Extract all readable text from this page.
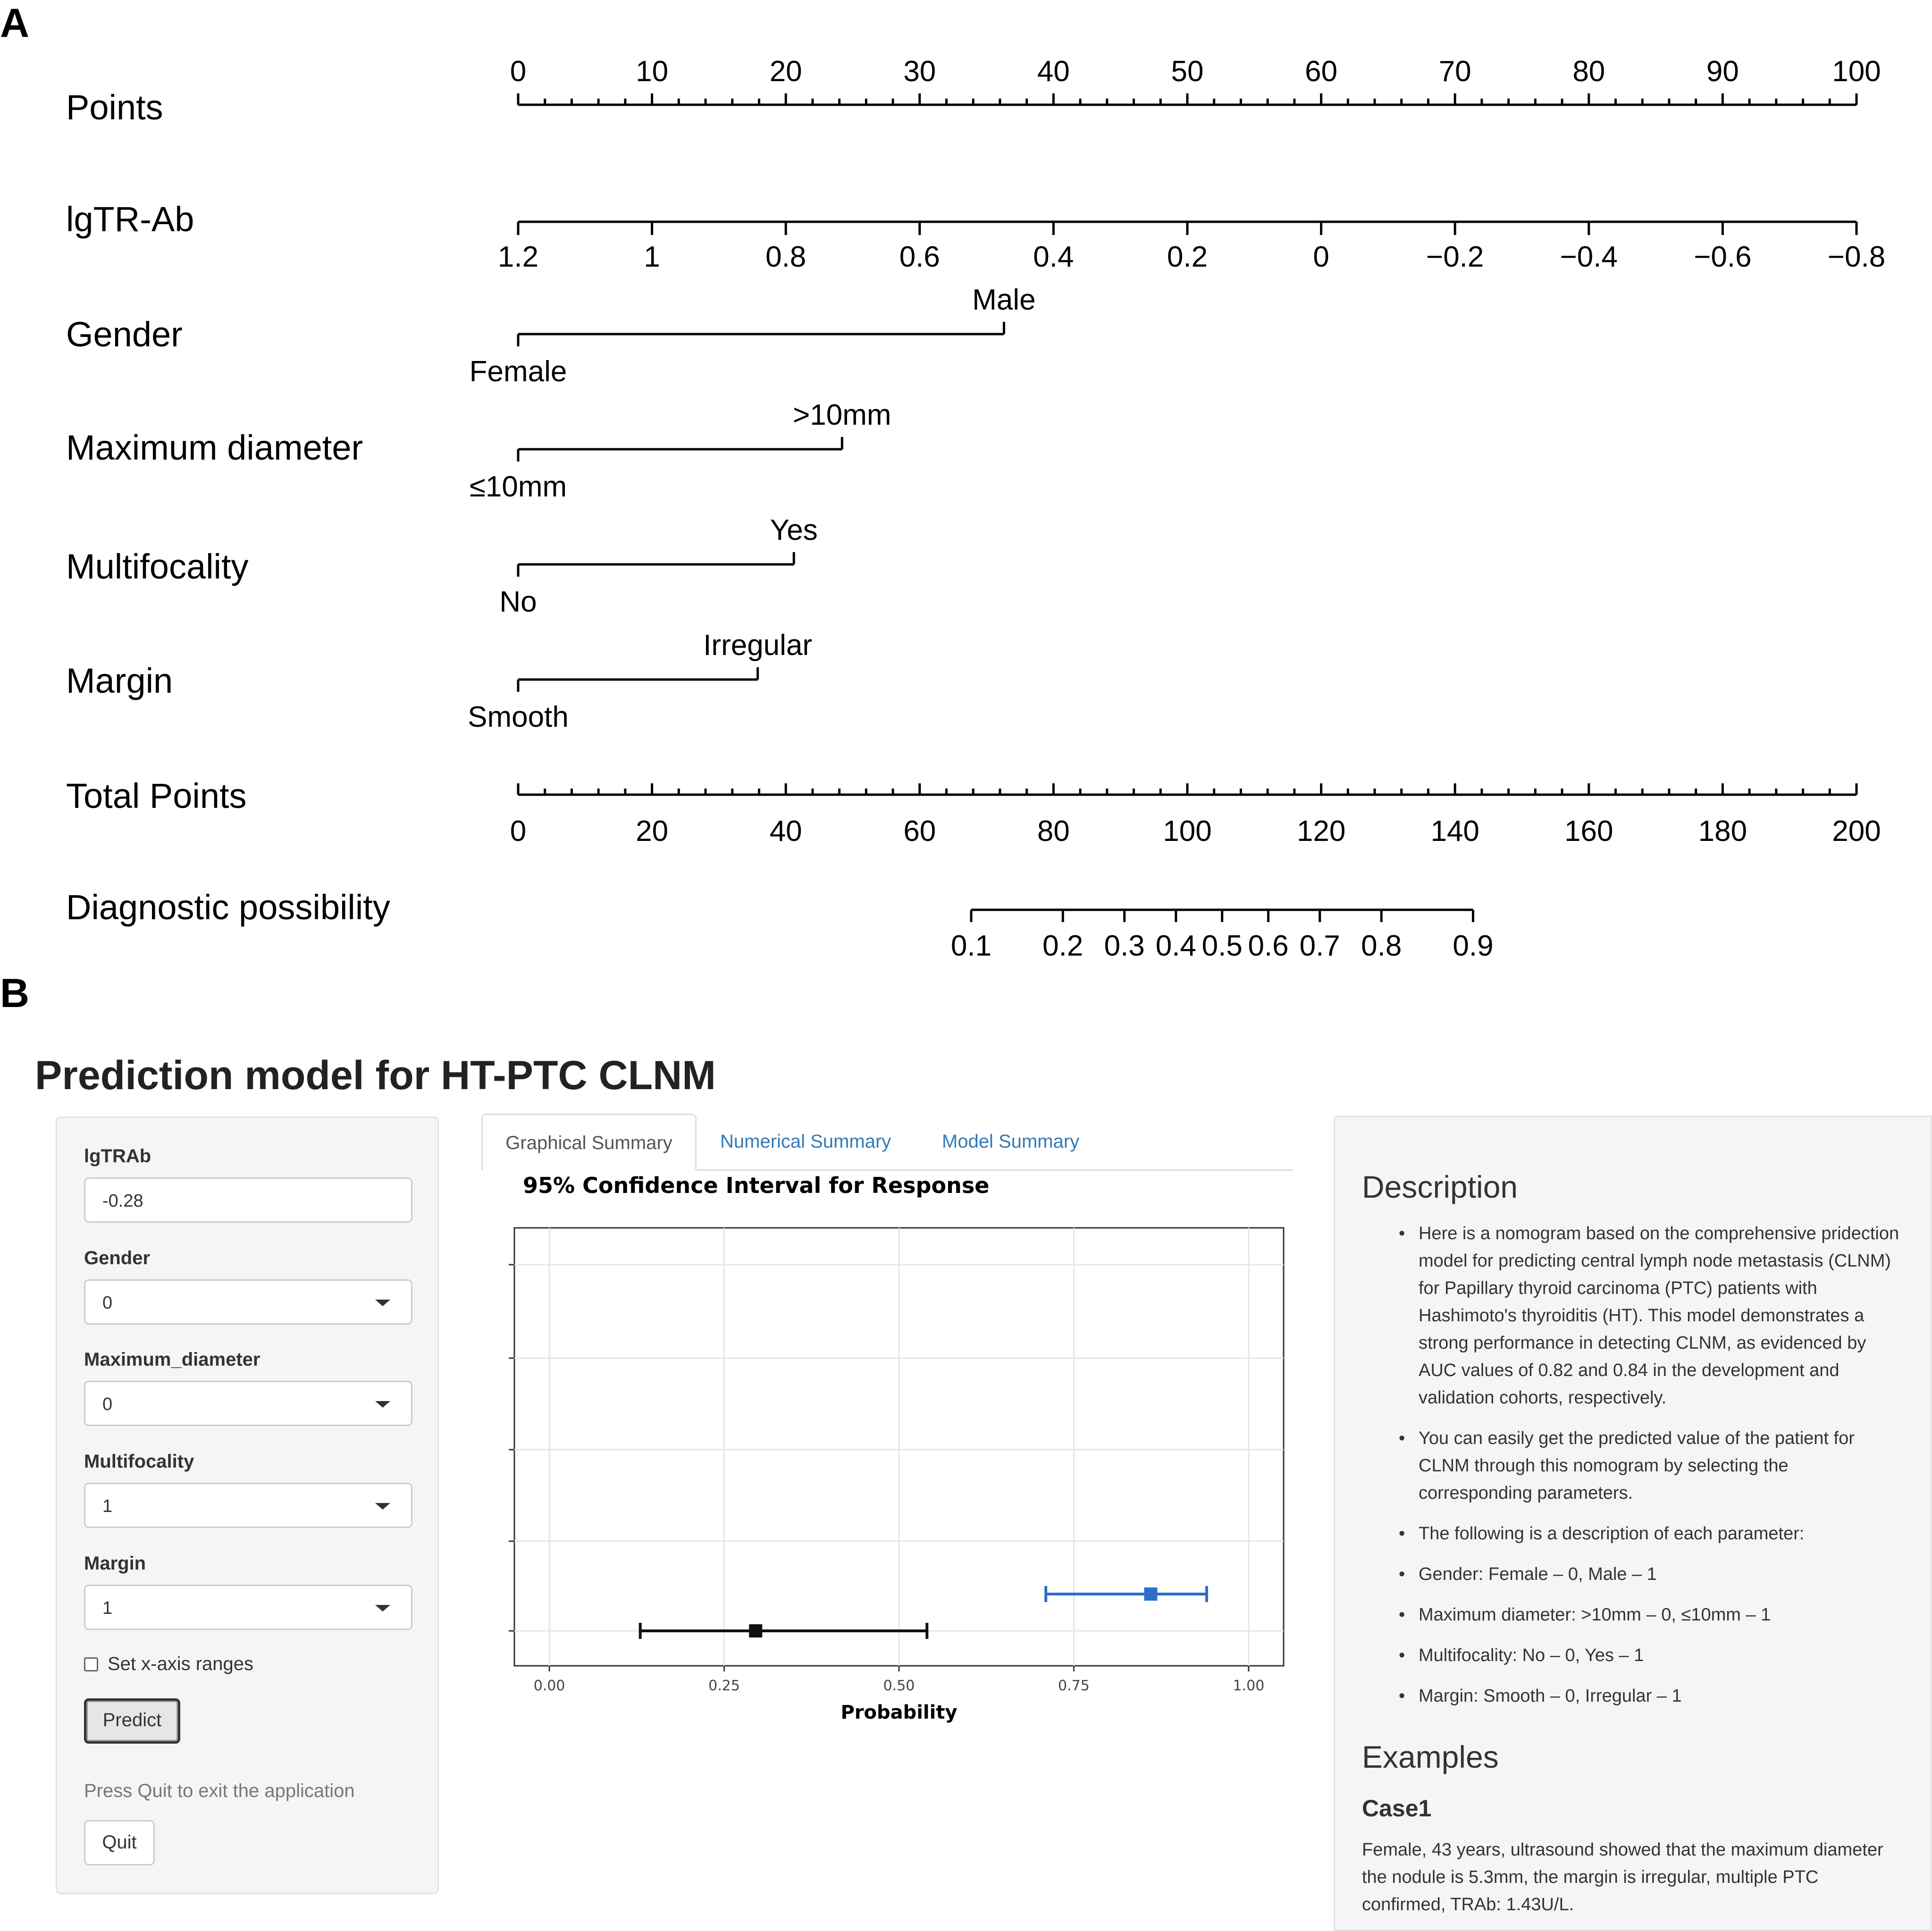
A
B
Points
lgTR-Ab
Gender
Maximum diameter
Multifocality
Margin
Total Points
Diagnostic possibility
0	10	20	30	40	50	60	70	80	90	100
1.2	1	0.8	0.6	0.4	0.2	0	−0.2	−0.4	−0.6	−0.8
Female
Male
≤10mm
>10mm
No
Yes
Smooth
Irregular
0	20	40	60	80	100	120	140	160	180	200
0.1 0.2 0.3 0.4 0.5 0.6 0.7 0.8 0.9
Prediction model for HT-PTC CLNM
lgTRAb
-0.28
Gender
0
Maximum_diameter
0
Multifocality
1
Margin
1
Set x-axis ranges
Predict
Press Quit to exit the application
Quit
Graphical Summary	Numerical Summary	Model Summary
95% Confidence Interval for Response
0.00	0.25	0.50	0.75	1.00
Probability
Description
• Here is a nomogram based on the comprehensive pridection model for predicting central lymph node metastasis (CLNM) for Papillary thyroid carcinoma (PTC) patients with Hashimoto's thyroiditis (HT). This model demonstrates a strong performance in detecting CLNM, as evidenced by AUC values of 0.82 and 0.84 in the development and validation cohorts, respectively.
• You can easily get the predicted value of the patient for CLNM through this nomogram by selecting the corresponding parameters.
• The following is a description of each parameter:
• Gender: Female – 0, Male – 1
• Maximum diameter: >10mm – 0, ≤10mm – 1
• Multifocality: No – 0, Yes – 1
• Margin: Smooth – 0, Irregular – 1
Examples
Case1
Female, 43 years, ultrasound showed that the maximum diameter the nodule is 5.3mm, the margin is irregular, multiple PTC confirmed, TRAb: 1.43U/L.
